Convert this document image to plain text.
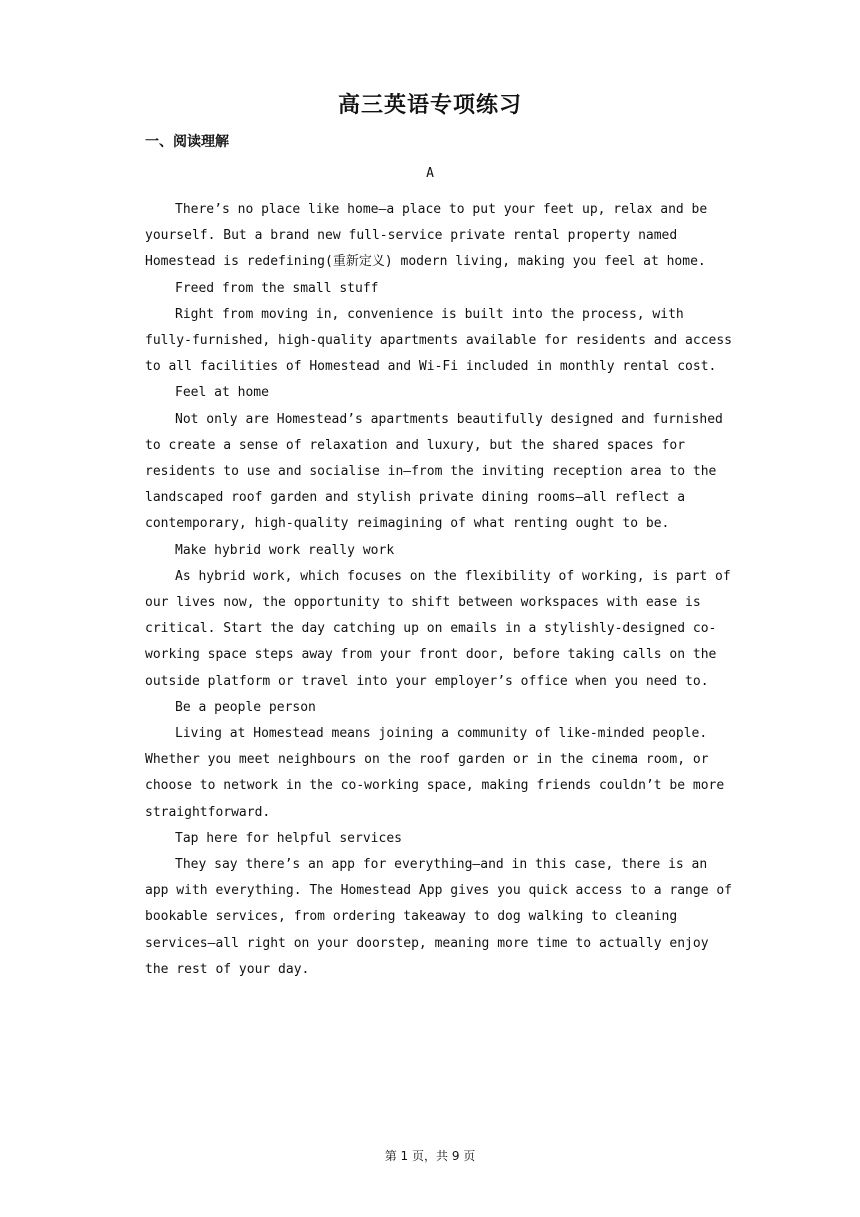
高三英语专项练习
一、阅读理解
A

There’s no place like home—a place to put your feet up, relax and be yourself. But a brand new full-service private rental property named Homestead is redefining(重新定义) modern living, making you feel at home.

Freed from the small stuff

Right from moving in, convenience is built into the process, with fully-furnished, high-quality apartments available for residents and access to all facilities of Homestead and Wi-Fi included in monthly rental cost.

Feel at home

Not only are Homestead’s apartments beautifully designed and furnished to create a sense of relaxation and luxury, but the shared spaces for residents to use and socialise in—from the inviting reception area to the landscaped roof garden and stylish private dining rooms—all reflect a contemporary, high-quality reimagining of what renting ought to be.

Make hybrid work really work

As hybrid work, which focuses on the flexibility of working, is part of our lives now, the opportunity to shift between workspaces with ease is critical. Start the day catching up on emails in a stylishly-designed co-working space steps away from your front door, before taking calls on the outside platform or travel into your employer’s office when you need to.

Be a people person

Living at Homestead means joining a community of like-minded people. Whether you meet neighbours on the roof garden or in the cinema room, or choose to network in the co-working space, making friends couldn’t be more straightforward.

Tap here for helpful services

They say there’s an app for everything—and in this case, there is an app with everything. The Homestead App gives you quick access to a range of bookable services, from ordering takeaway to dog walking to cleaning services—all right on your doorstep, meaning more time to actually enjoy the rest of your day.

第 1 页，共 9 页
